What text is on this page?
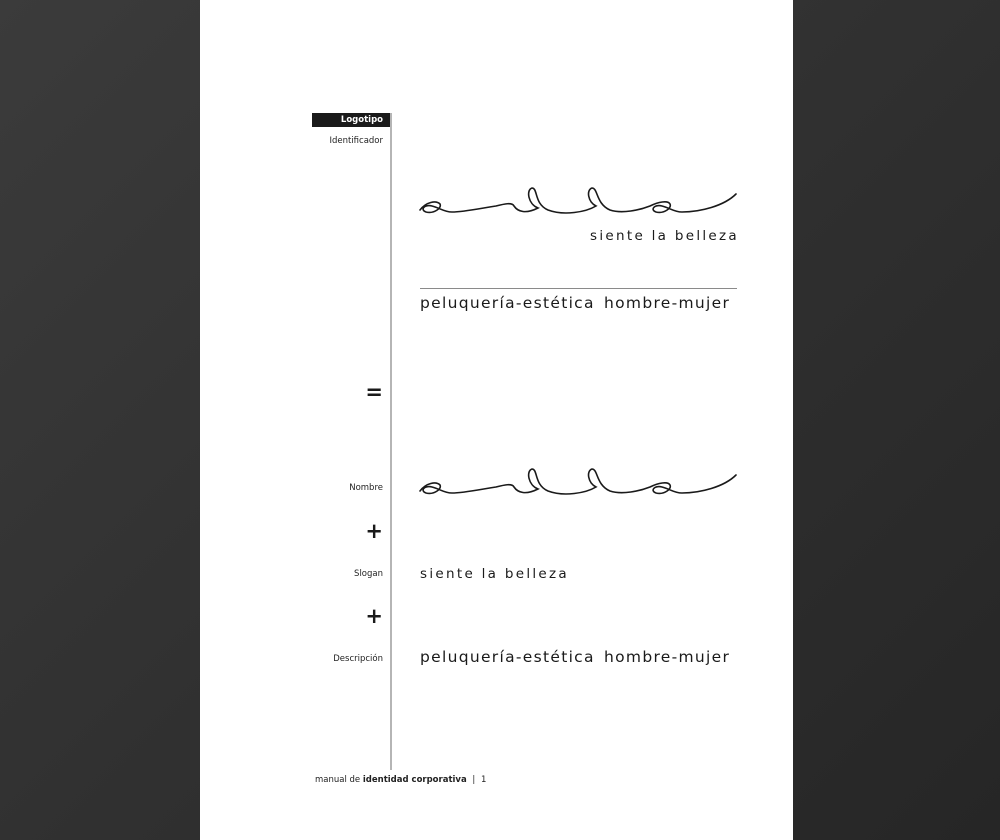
Logotipo
Identificador
siente la belleza
peluquería-estética hombre-mujer
=
Nombre
+
Slogan	siente la belleza
+
Descripción peluquería-estética hombre-mujer
manual de identidad corporativa | 1
